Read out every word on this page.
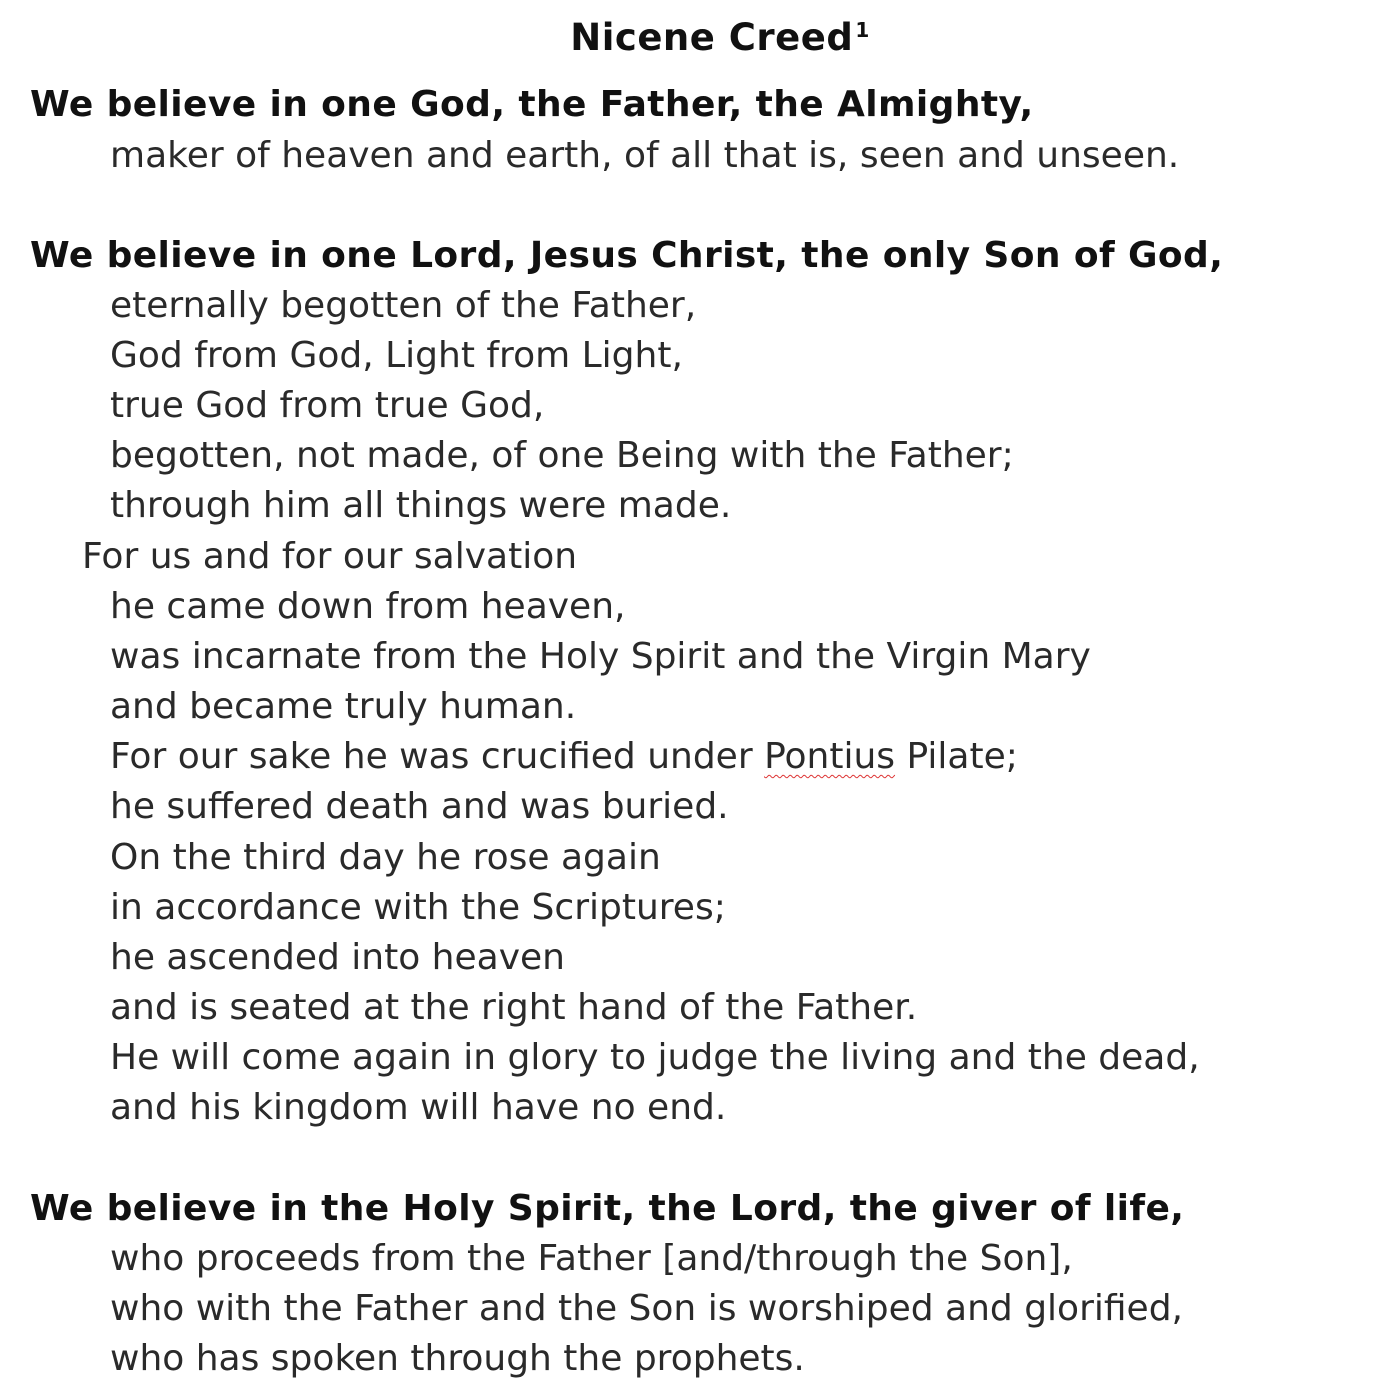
Nicene Creed $^1$
We believe in one God, the Father, the Almighty,
maker of heaven and earth, of all that is, seen and unseen.
We believe in one Lord, Jesus Christ, the only Son of God,
eternally begotten of the Father,
God from God, Light from Light,
true God from true God,
begotten, not made, of one Being with the Father;
through him all things were made.
For us and for our salvation
he came down from heaven,
was incarnate from the Holy Spirit and the Virgin Mary
and became truly human.
For our sake he was crucified under Pontius Pilate;
he suffered death and was buried.
On the third day he rose again
in accordance with the Scriptures;
he ascended into heaven
and is seated at the right hand of the Father.
He will come again in glory to judge the living and the dead,
and his kingdom will have no end.
We believe in the Holy Spirit, the Lord, the giver of life,
who proceeds from the Father [and/through the Son],
who with the Father and the Son is worshiped and glorified,
who has spoken through the prophets.
